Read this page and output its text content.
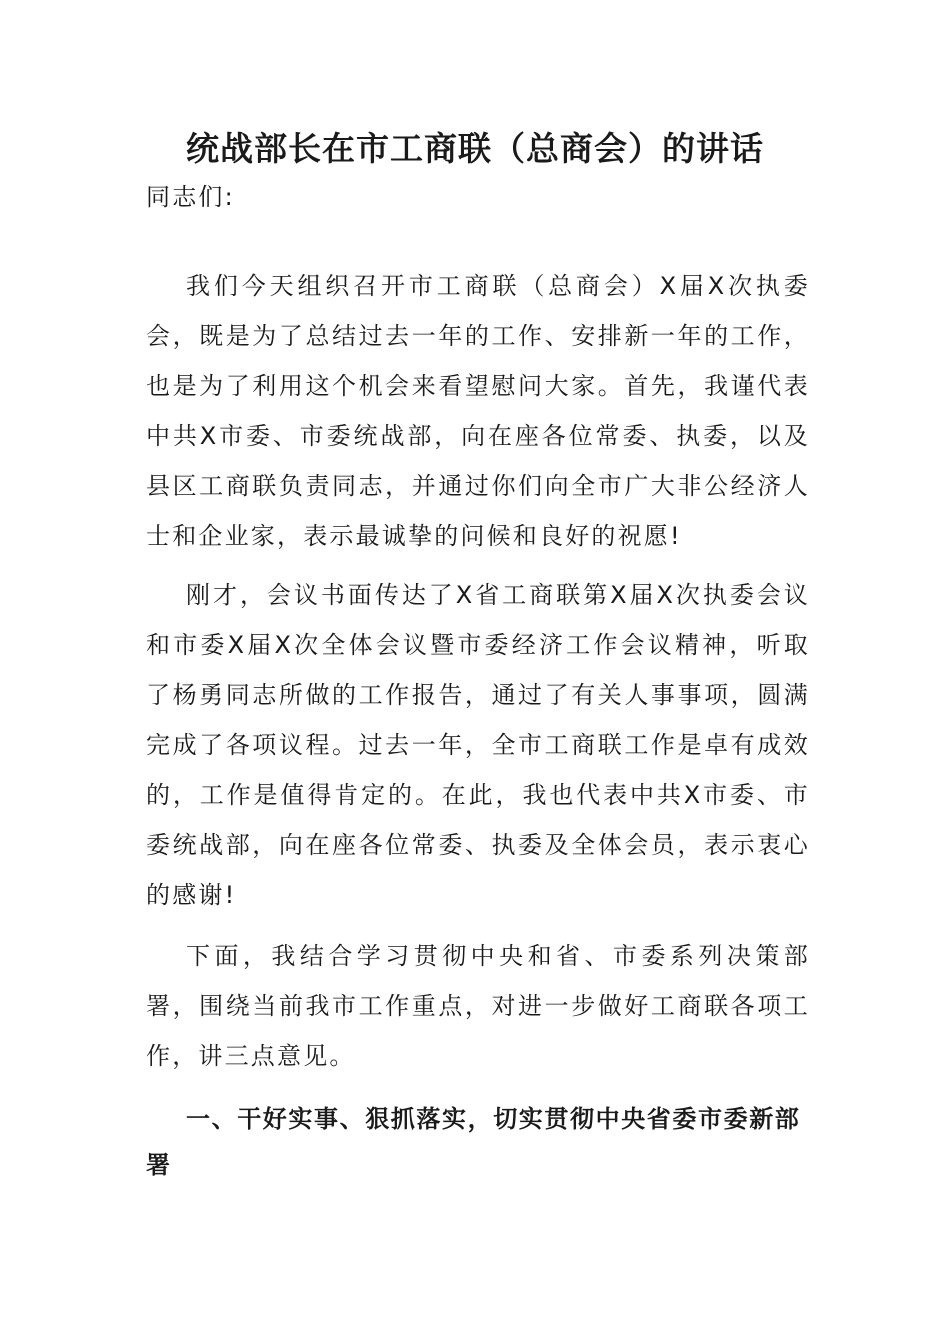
统战部长在市工商联（总商会）的讲话

同志们:

我们今天组织召开市工商联（总商会）X届X次执委会，既是为了总结过去一年的工作、安排新一年的工作，也是为了利用这个机会来看望慰问大家。首先，我谨代表中共X市委、市委统战部，向在座各位常委、执委，以及县区工商联负责同志，并通过你们向全市广大非公经济人士和企业家，表示最诚挚的问候和良好的祝愿!

刚才，会议书面传达了X省工商联第X届X次执委会议和市委X届X次全体会议暨市委经济工作会议精神，听取了杨勇同志所做的工作报告，通过了有关人事事项，圆满完成了各项议程。过去一年，全市工商联工作是卓有成效的，工作是值得肯定的。在此，我也代表中共X市委、市委统战部，向在座各位常委、执委及全体会员，表示衷心的感谢!

下面，我结合学习贯彻中央和省、市委系列决策部署，围绕当前我市工作重点，对进一步做好工商联各项工作，讲三点意见。

一、干好实事、狠抓落实，切实贯彻中央省委市委新部署
